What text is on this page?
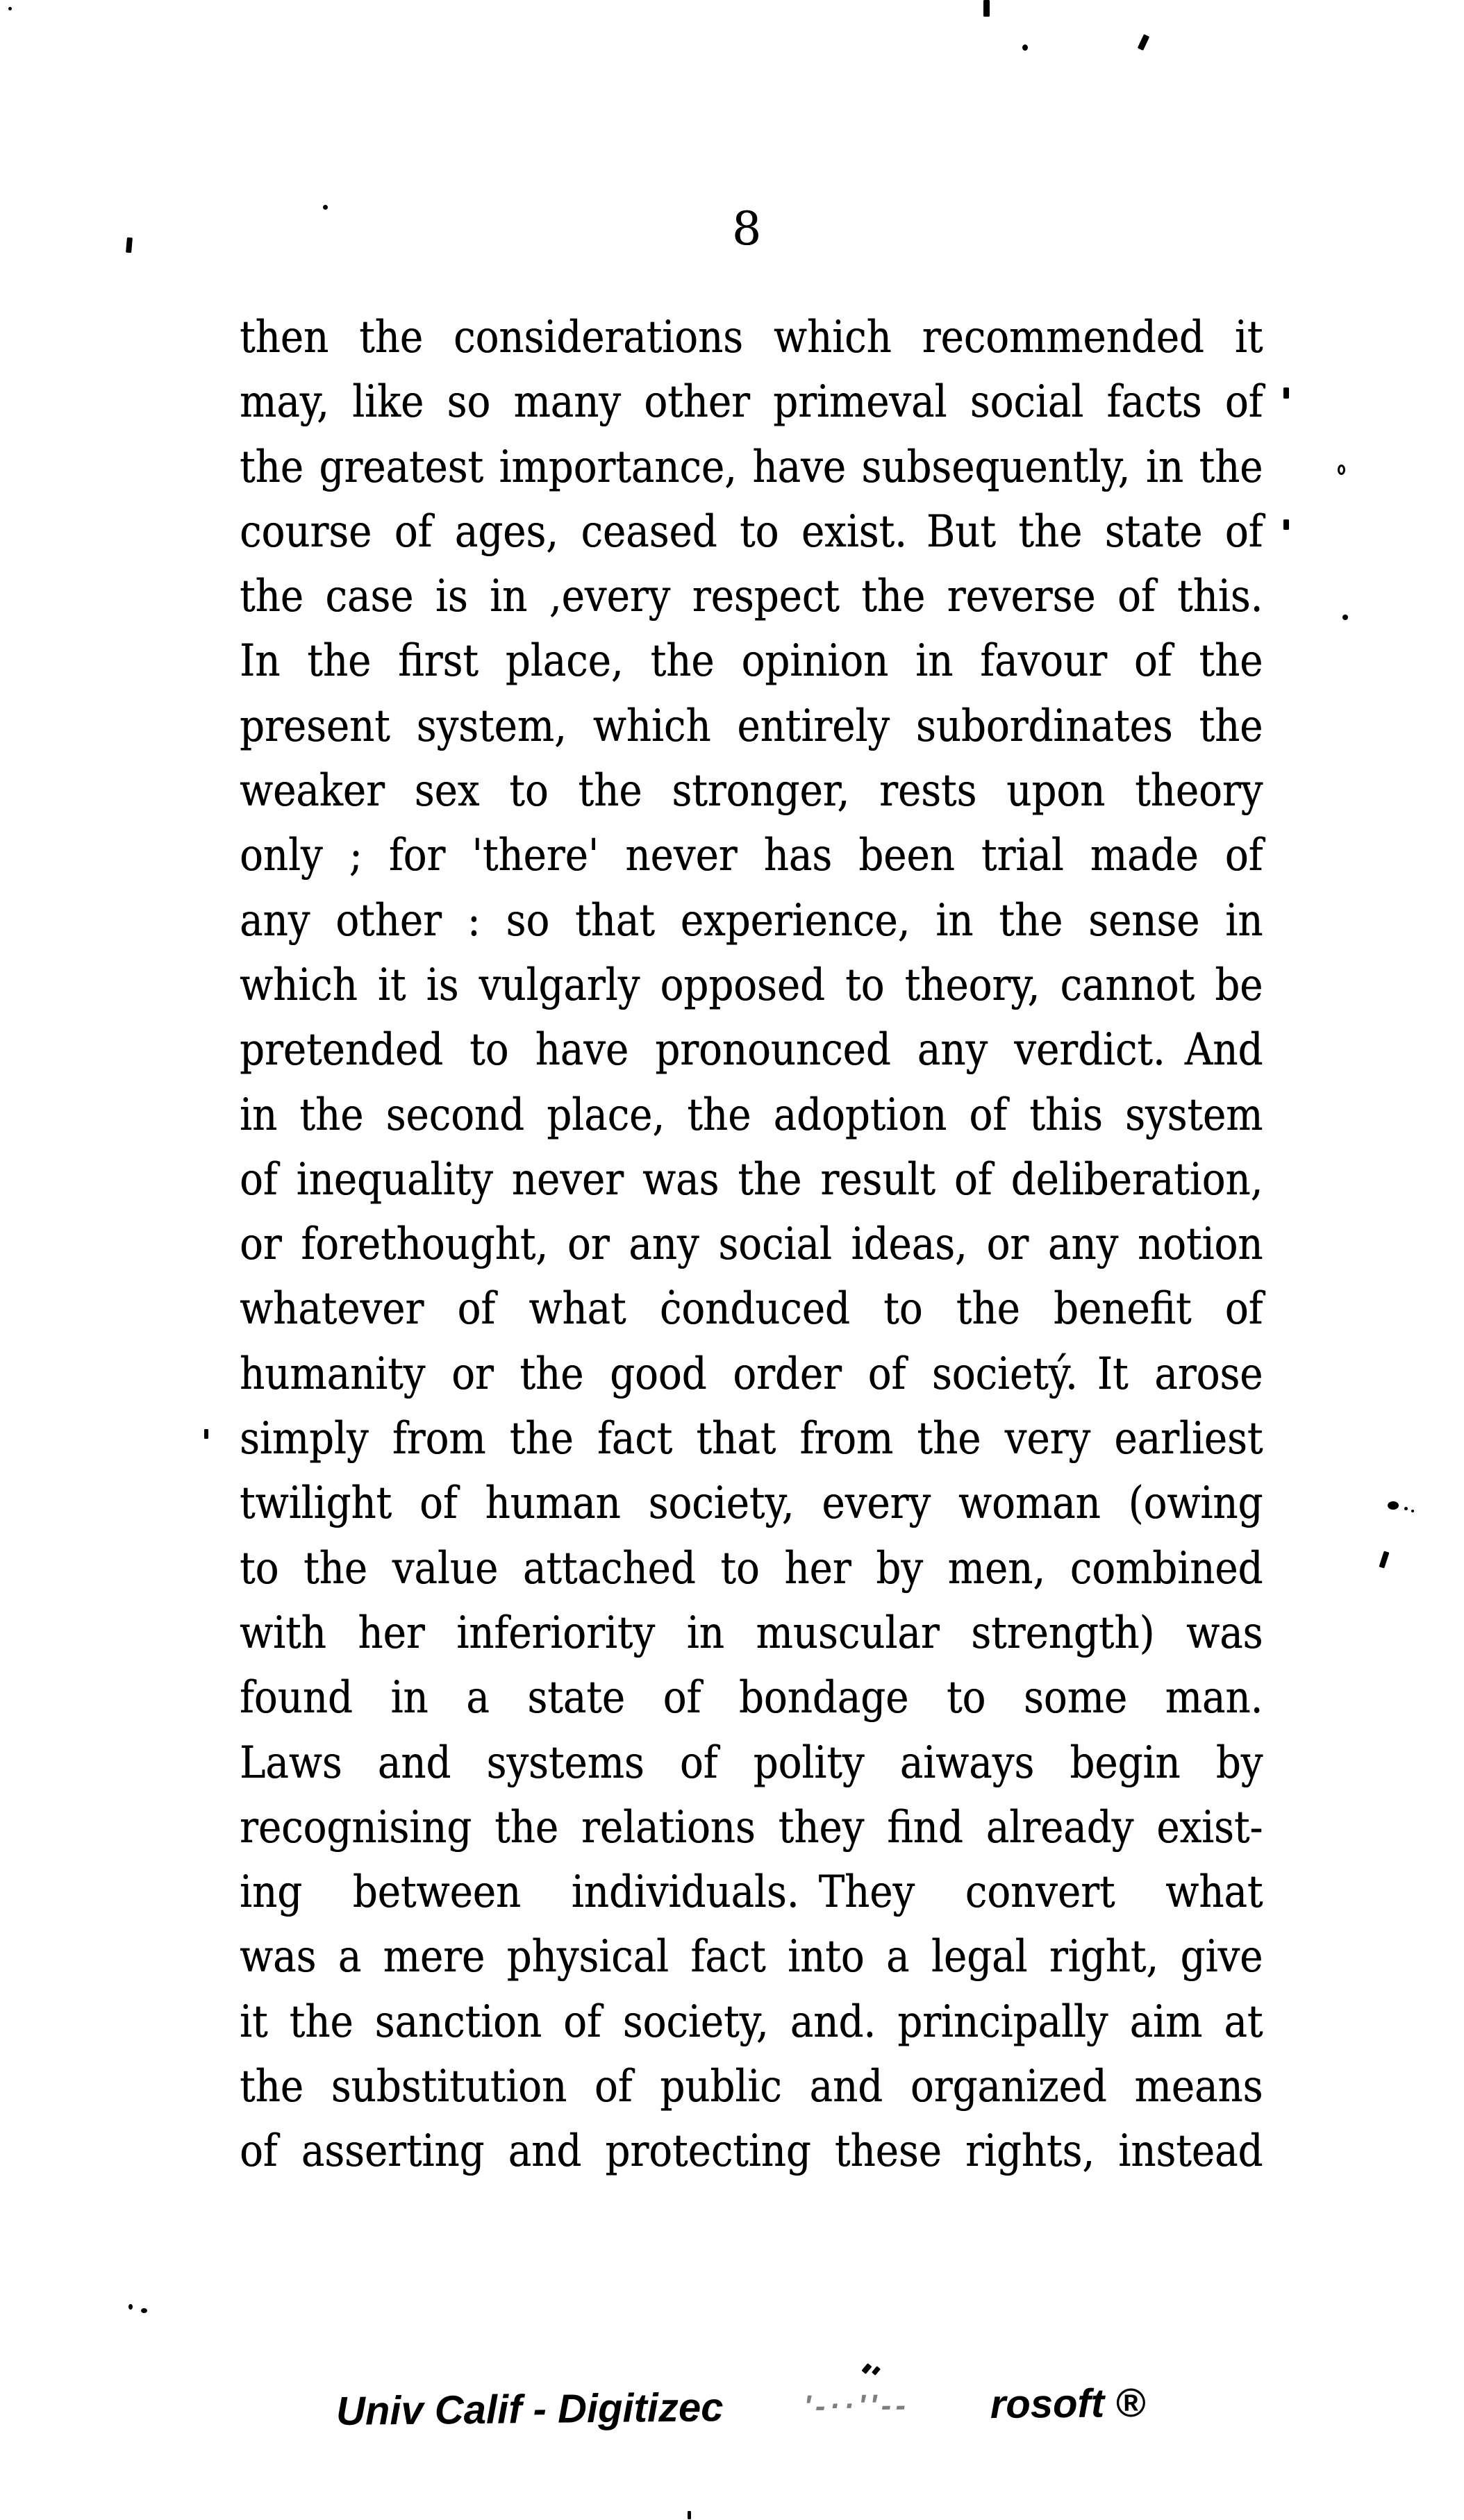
8
then the considerations which recommended it
may, like so many other primeval social facts of
the greatest importance, have subsequently, in the
course of ages, ceased to exist. But the state of
the case is in ,every respect the reverse of this.
In the first place, the opinion in favour of the
present system, which entirely subordinates the
weaker sex to the stronger, rests upon theory
only ; for 'there' never has been trial made of
any other : so that experience, in the sense in
which it is vulgarly opposed to theory, cannot be
pretended to have pronounced any verdict. And
in the second place, the adoption of this system
of inequality never was the result of deliberation,
or forethought, or any social ideas, or any notion
whatever of what ċonduced to the benefit of
humanity or the good order of societý. It arose
simply from the fact that from the very earliest
twilight of human society, every woman (owing
to the value attached to her by men, combined
with her inferiority in muscular strength) was
found in a state of bondage to some man.
Laws and systems of polity aiways begin by
recognising the relations they find already exist-
ing between individuals. They convert what
was a mere physical fact into a legal right, give
it the sanction of society, and. principally aim at
the substitution of public and organized means
of asserting and protecting these rights, instead
Univ Calif - Digitizec	'-··''-- rosoft ®
